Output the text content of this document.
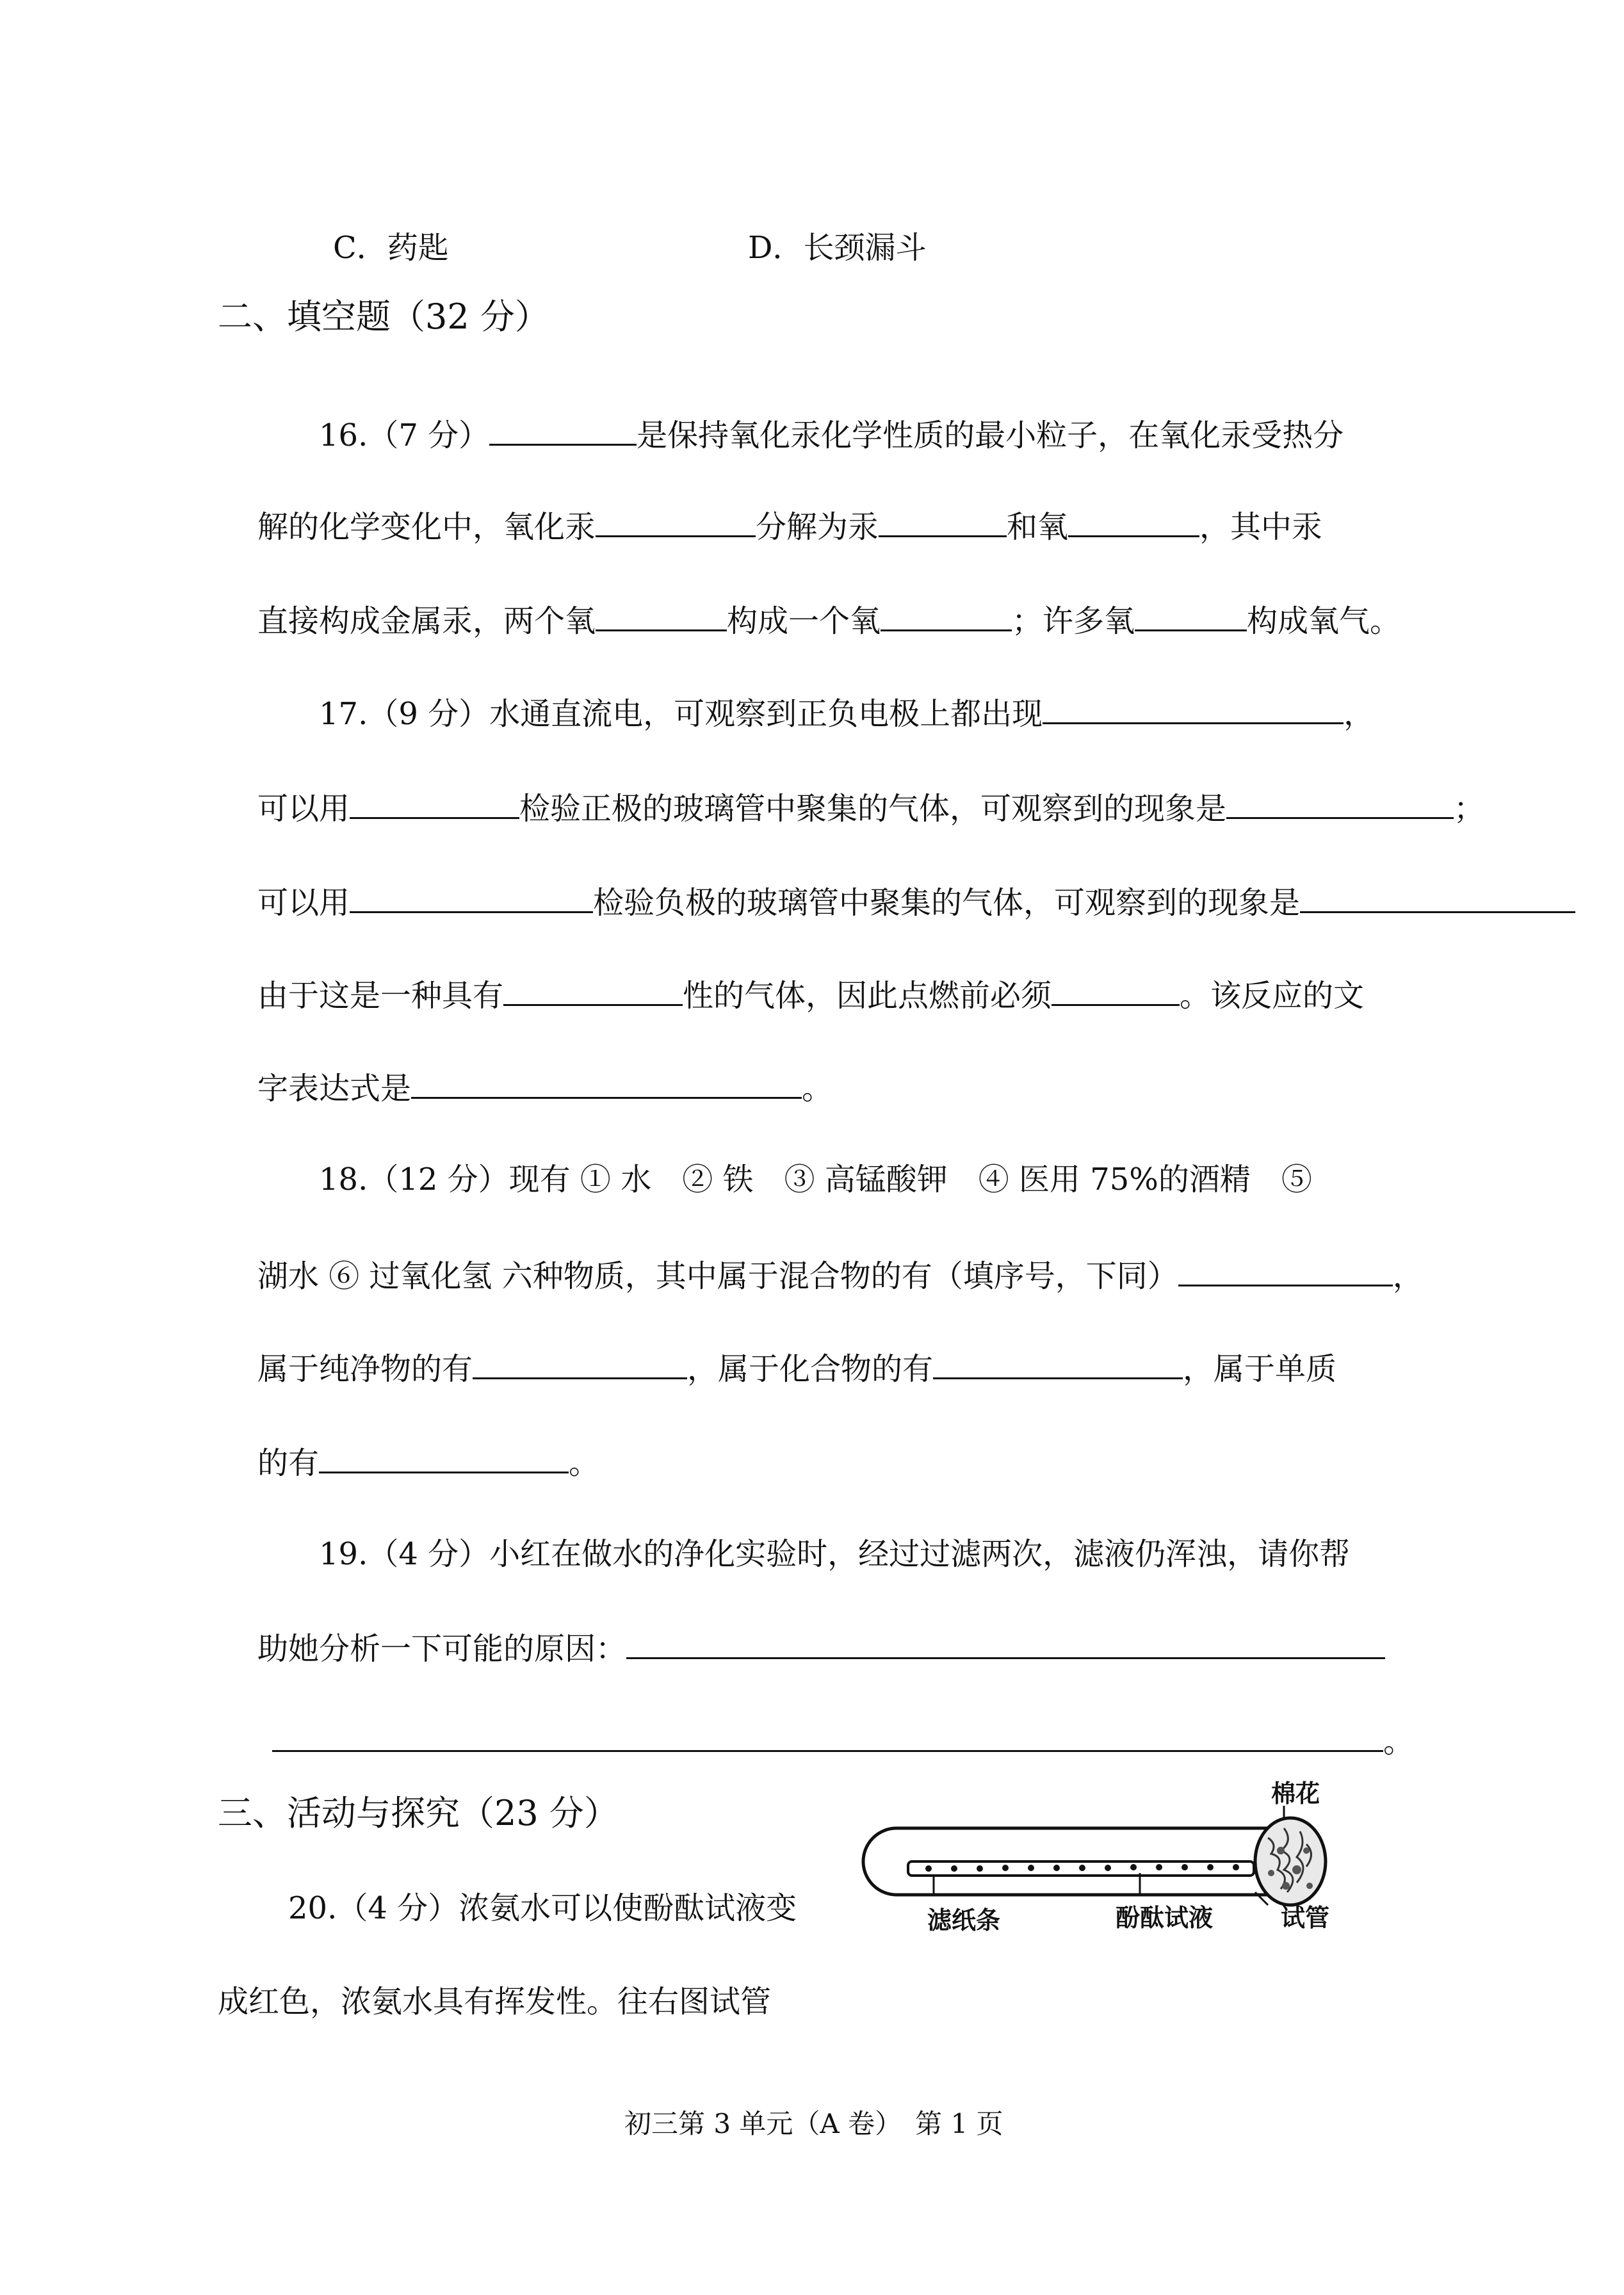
C．药匙	D．长颈漏斗
二、填空题（32 分）
16.（7 分）	是保持氧化汞化学性质的最小粒子，在氧化汞受热分
解的化学变化中，氧化汞	分解为汞	和氧	，其中汞
直接构成金属汞，两个氧	构成一个氧	；许多氧	构成氧气。
17.（9 分）水通直流电，可观察到正负电极上都出现	，
可以用	检验正极的玻璃管中聚集的气体，可观察到的现象是	；
可以用	检验负极的玻璃管中聚集的气体，可观察到的现象是
由于这是一种具有	性的气体，因此点燃前必须	。该反应的文
字表达式是	。
18.（12 分）现有 ① 水　② 铁　③ 高锰酸钾　④ 医用 75%的酒精　⑤
湖水 ⑥ 过氧化氢 六种物质，其中属于混合物的有（填序号，下同）	，
属于纯净物的有	，属于化合物的有	，属于单质
的有	。
19.（4 分）小红在做水的净化实验时，经过过滤两次，滤液仍浑浊，请你帮
助她分析一下可能的原因：
。
三、活动与探究（23 分）
20.（4 分）浓氨水可以使酚酞试液变
成红色，浓氨水具有挥发性。往右图试管
棉花
滤纸条	酚酞试液	试管
初三第 3 单元（A 卷）　第 1 页
